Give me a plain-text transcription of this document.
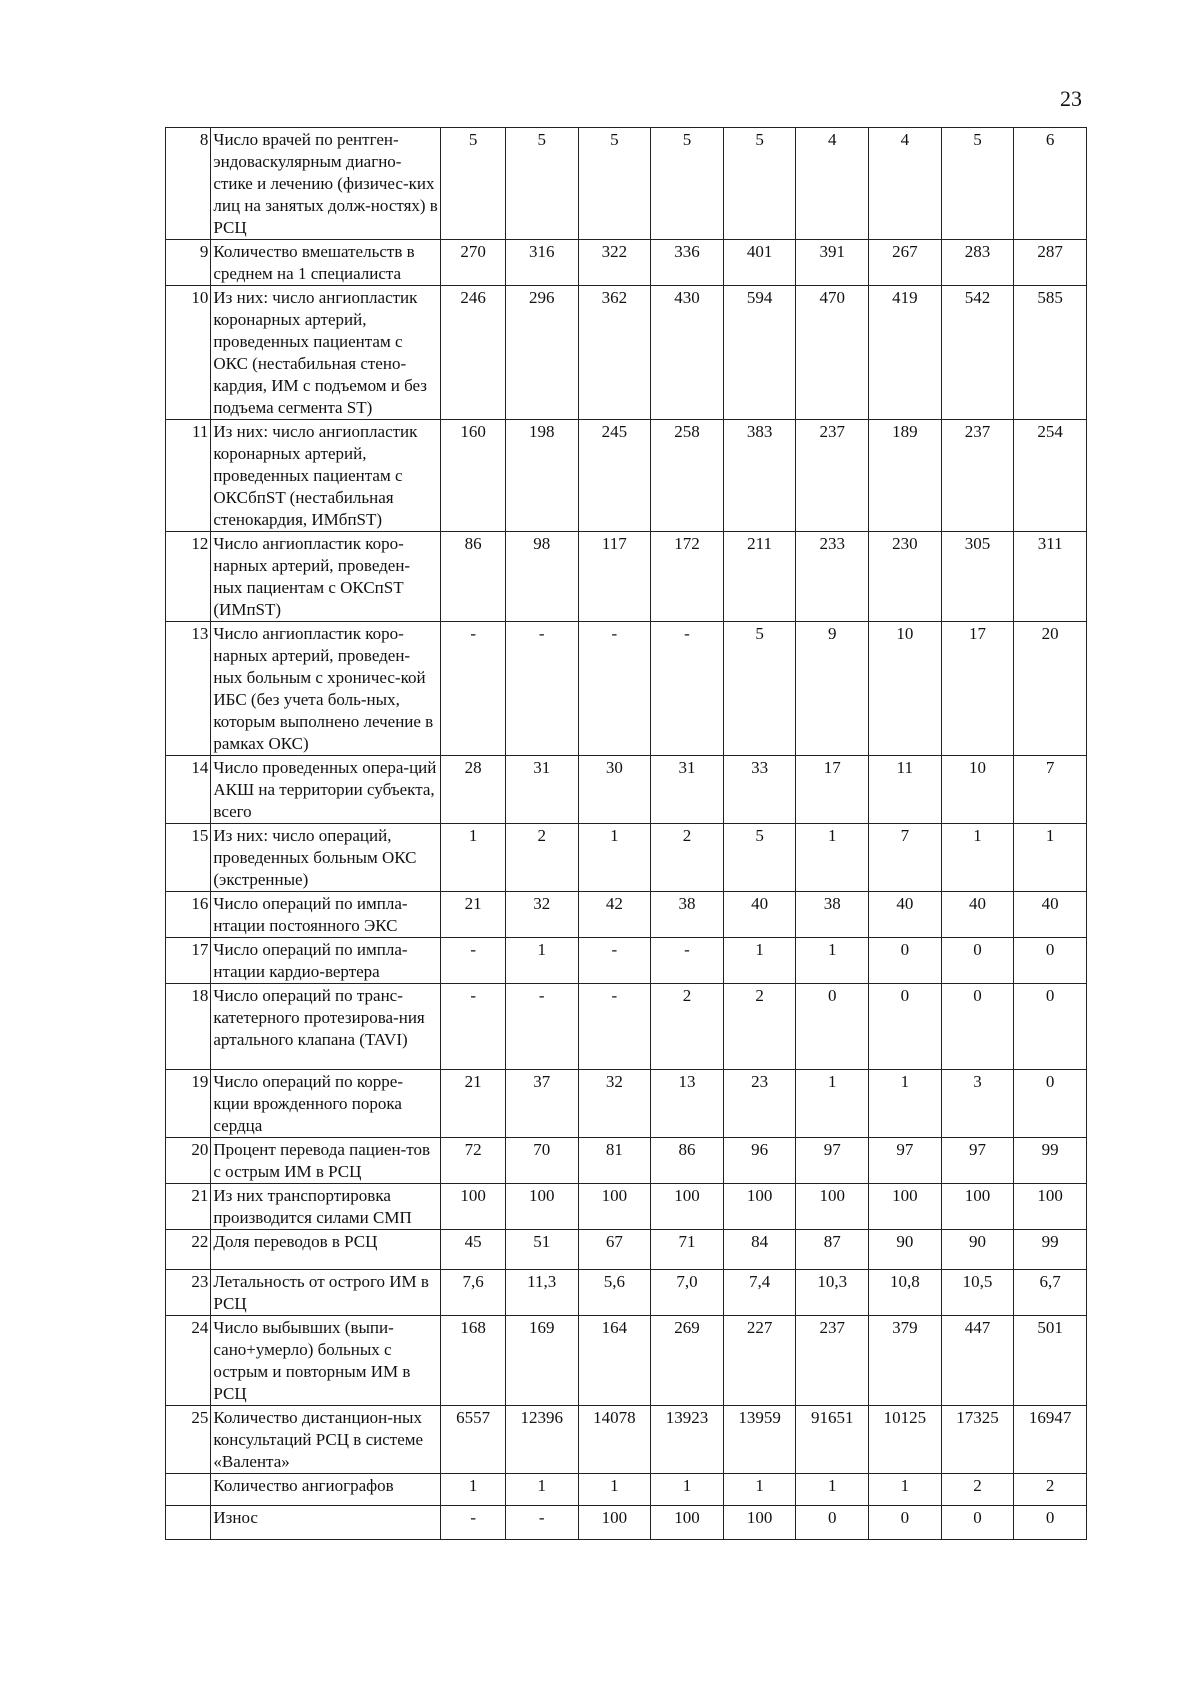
23
8	Число врачей по рентген-эндоваскулярным диагно-стике и лечению (физичес-ких лиц на занятых долж-ностях) в РСЦ	5	5	5	5	5	4	4	5	6
9	Количество вмешательств в среднем на 1 специалиста	270	316	322	336	401	391	267	283	287
10	Из них: число ангиопластик коронарных артерий, проведенных пациентам с ОКС (нестабильная стено-кардия, ИМ с подъемом и без подъема сегмента ST)	246	296	362	430	594	470	419	542	585
11	Из них: число ангиопластик коронарных артерий, проведенных пациентам с ОКСбпST (нестабильная стенокардия, ИМбпST)	160	198	245	258	383	237	189	237	254
12	Число ангиопластик коро-нарных артерий, проведен-ных пациентам с ОКСпST (ИМпST)	86	98	117	172	211	233	230	305	311
13	Число ангиопластик коро-нарных артерий, проведен-ных больным с хроничес-кой ИБС (без учета боль-ных, которым выполнено лечение в рамках ОКС)	-	-	-	-	5	9	10	17	20
14	Число проведенных опера-ций АКШ на территории субъекта, всего	28	31	30	31	33	17	11	10	7
15	Из них: число операций, проведенных больным ОКС (экстренные)	1	2	1	2	5	1	7	1	1
16	Число операций по импла-нтации постоянного ЭКС	21	32	42	38	40	38	40	40	40
17	Число операций по импла-нтации кардио-вертера	-	1	-	-	1	1	0	0	0
18	Число операций по транс-катетерного протезирова-ния артального клапана (TAVI)	-	-	-	2	2	0	0	0	0
19	Число операций по корре-кции врожденного порока сердца	21	37	32	13	23	1	1	3	0
20	Процент перевода пациен-тов с острым ИМ в РСЦ	72	70	81	86	96	97	97	97	99
21	Из них транспортировка производится силами СМП	100	100	100	100	100	100	100	100	100
22	Доля переводов в РСЦ	45	51	67	71	84	87	90	90	99
23	Летальность от острого ИМ в РСЦ	7,6	11,3	5,6	7,0	7,4	10,3	10,8	10,5	6,7
24	Число выбывших (выпи-сано+умерло) больных с острым и повторным ИМ в РСЦ	168	169	164	269	227	237	379	447	501
25	Количество дистанцион-ных консультаций РСЦ в системе «Валента»	6557	12396	14078	13923	13959	91651	10125	17325	16947
	Количество ангиографов	1	1	1	1	1	1	1	2	2
	Износ	-	-	100	100	100	0	0	0	0
